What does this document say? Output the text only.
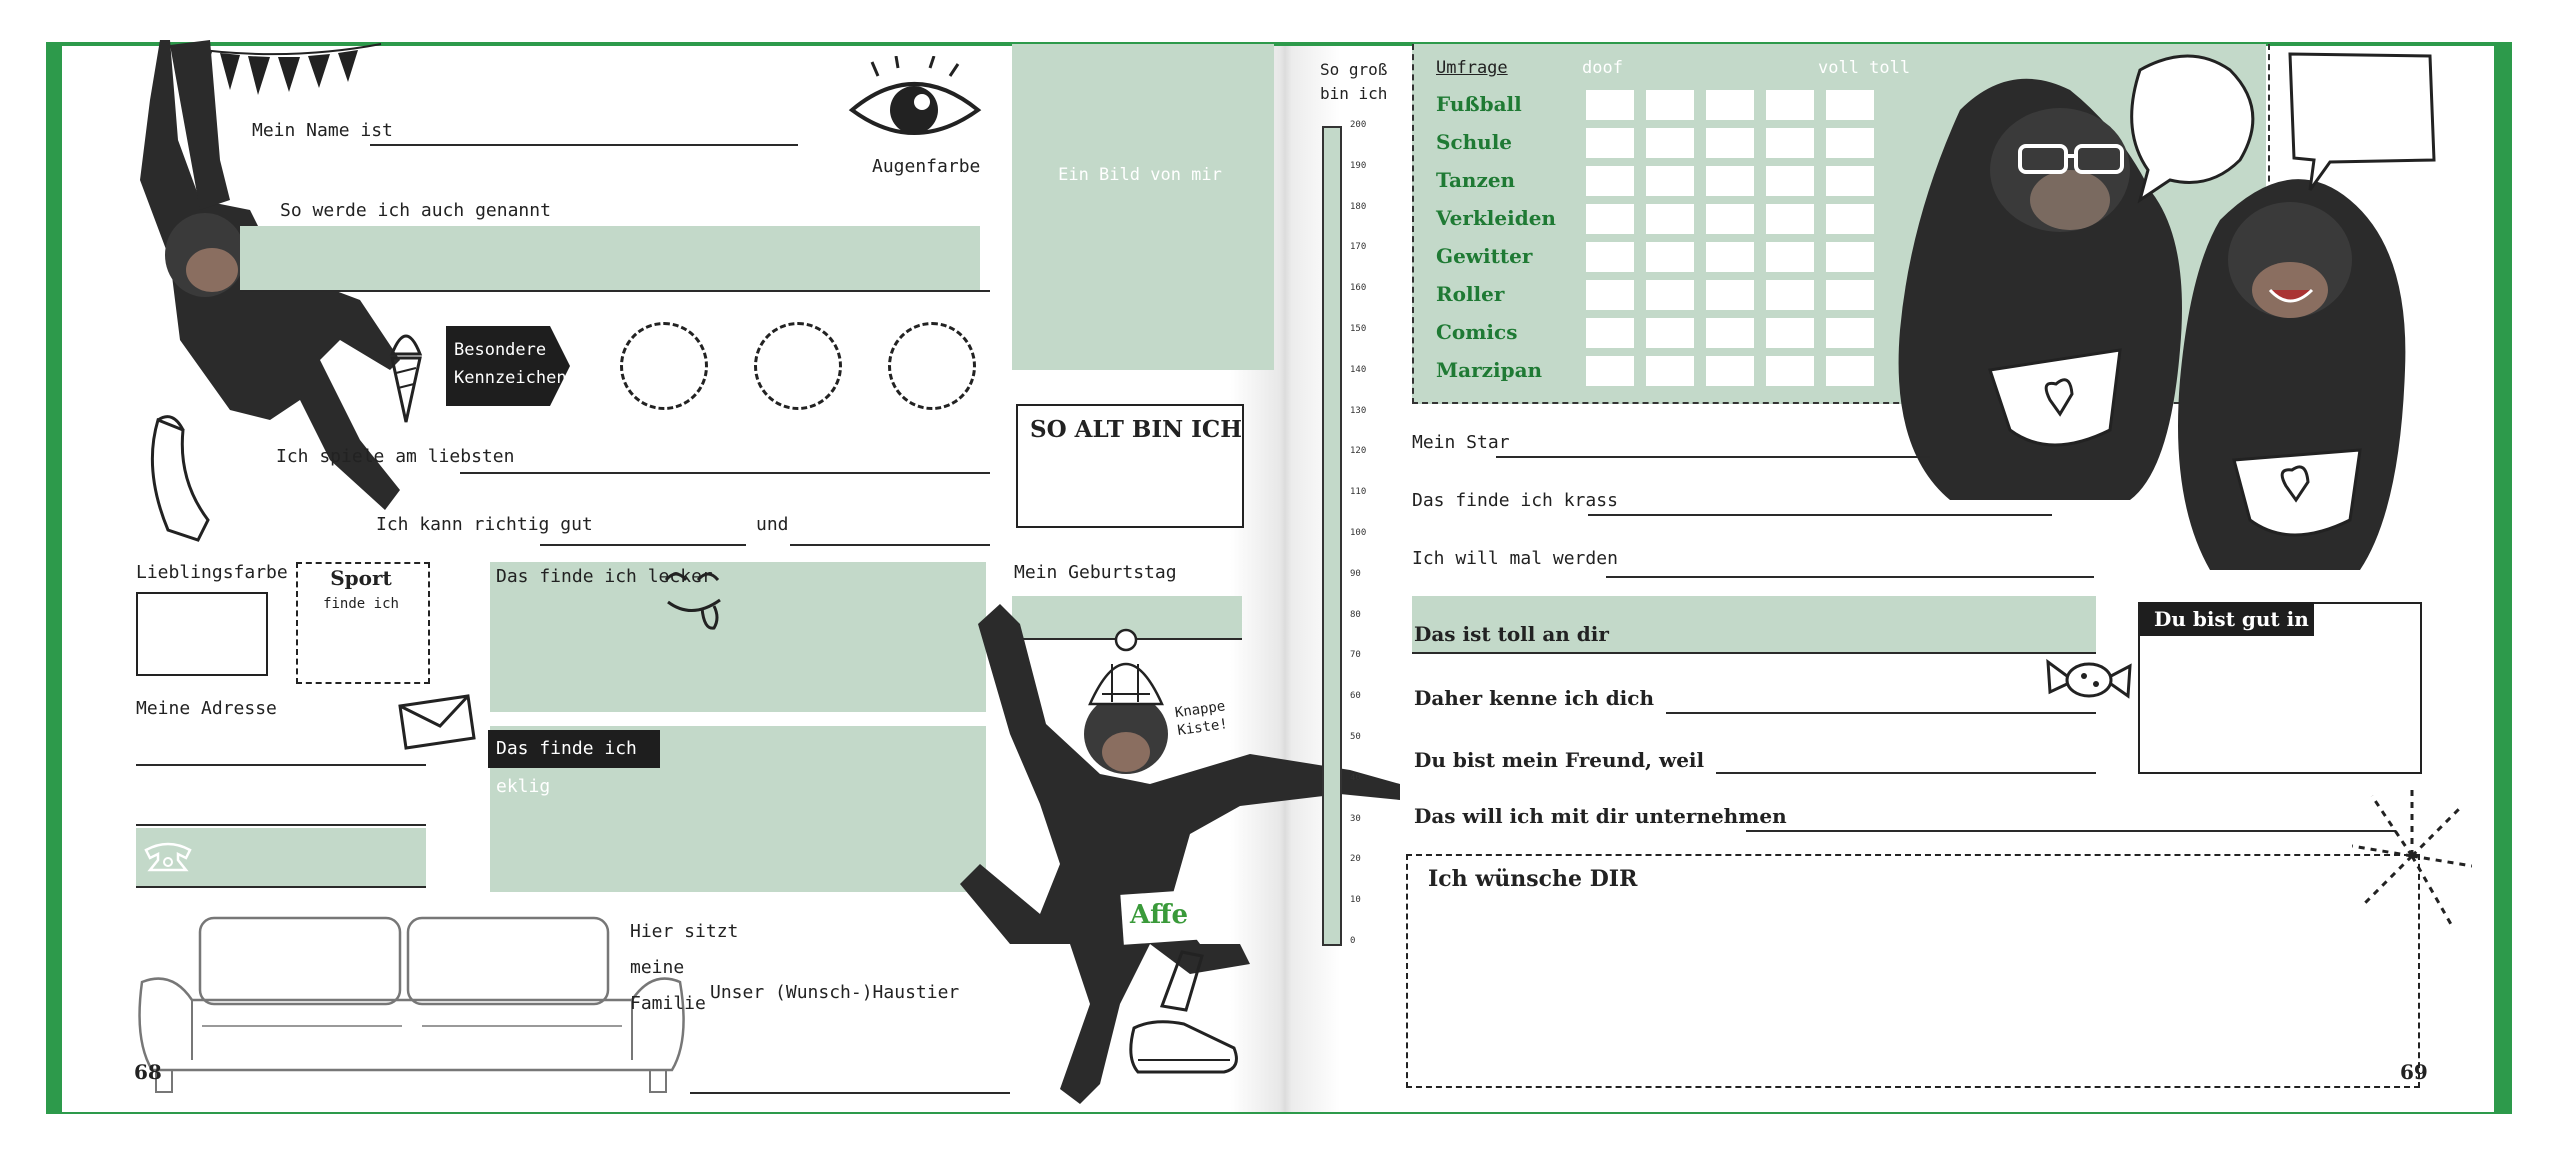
Mein Name ist
Augenfarbe
So werde ich auch genannt
Besondere Kennzeichen
Ich spiele am liebsten
Ich kann richtig gut	und
Lieblingsfarbe	Sport
finde ich
Das finde ich lecker
Meine Adresse
Das finde ich eklig
Hier sitzt meine Familie
Unser (Wunsch-)Haustier
68
Ein Bild von mir
SO ALT BIN ICH
Mein Geburtstag
Knappe Kiste!
Affe
So groß bin ich
200
190
180
170
160
150
140
130
120
110
100
90
80
70
60
50
40
30
20
10
0
Umfrage	doof	voll toll
Fußball
Schule
Tanzen
Verkleiden
Gewitter
Roller
Comics
Marzipan
Mein Star
Das finde ich krass
Ich will mal werden
Das ist toll an dir
Du bist gut in
Daher kenne ich dich
Du bist mein Freund, weil
Das will ich mit dir unternehmen
Ich wünsche DIR
69
